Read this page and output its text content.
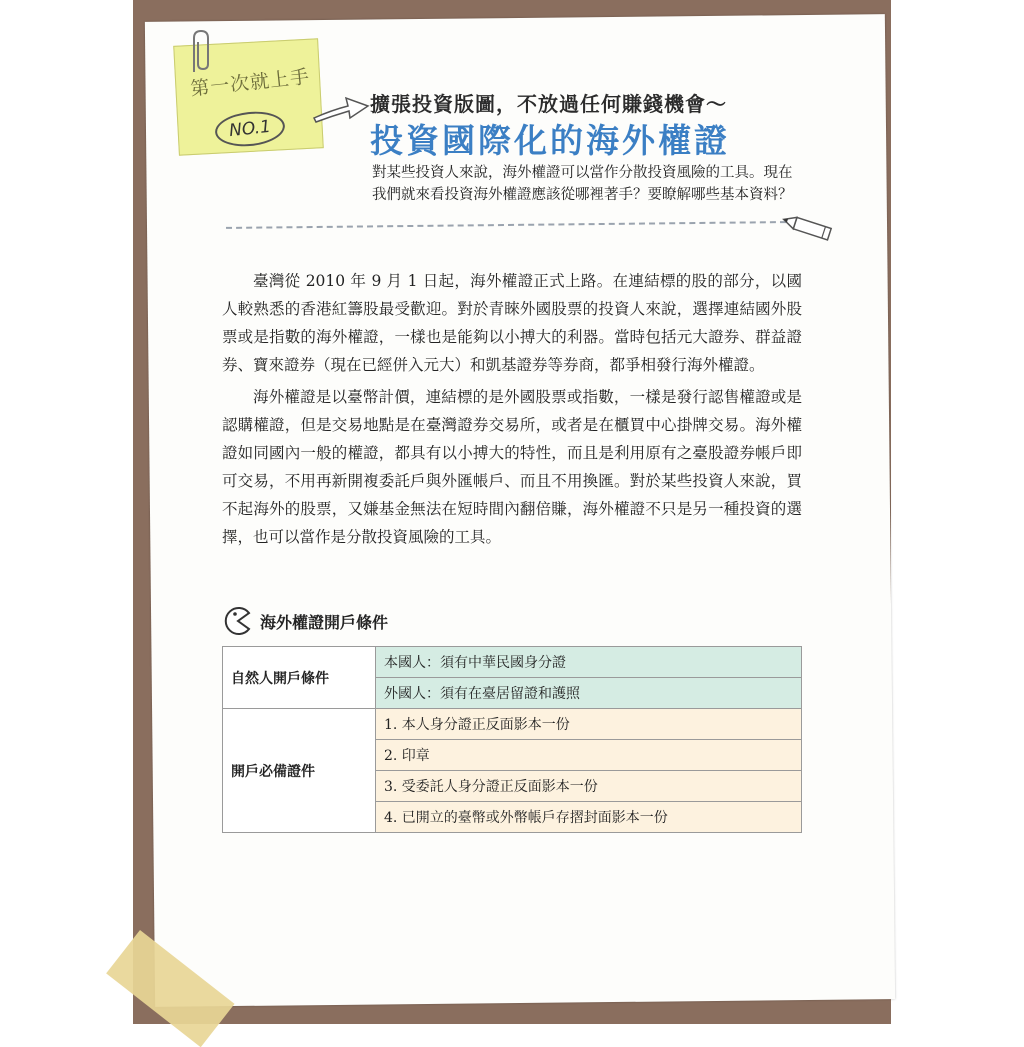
第一次就上手
NO.1
擴張投資版圖，不放過任何賺錢機會～
投資國際化的海外權證
對某些投資人來說，海外權證可以當作分散投資風險的工具。現在我們就來看投資海外權證應該從哪裡著手？要瞭解哪些基本資料？

臺灣從 2010 年 9 月 1 日起，海外權證正式上路。在連結標的股的部分，以國人較熟悉的香港紅籌股最受歡迎。對於青睞外國股票的投資人來說，選擇連結國外股票或是指數的海外權證，一樣也是能夠以小搏大的利器。當時包括元大證券、群益證券、寶來證券（現在已經併入元大）和凱基證券等券商，都爭相發行海外權證。

海外權證是以臺幣計價，連結標的是外國股票或指數，一樣是發行認售權證或是認購權證，但是交易地點是在臺灣證券交易所，或者是在櫃買中心掛牌交易。海外權證如同國內一般的權證，都具有以小搏大的特性，而且是利用原有之臺股證券帳戶即可交易，不用再新開複委託戶與外匯帳戶、而且不用換匯。對於某些投資人來說，買不起海外的股票，又嫌基金無法在短時間內翻倍賺，海外權證不只是另一種投資的選擇，也可以當作是分散投資風險的工具。

海外權證開戶條件
自然人開戶條件	本國人：須有中華民國身分證
	外國人：須有在臺居留證和護照
開戶必備證件	1. 本人身分證正反面影本一份
	2. 印章
	3. 受委託人身分證正反面影本一份
	4. 已開立的臺幣或外幣帳戶存摺封面影本一份
